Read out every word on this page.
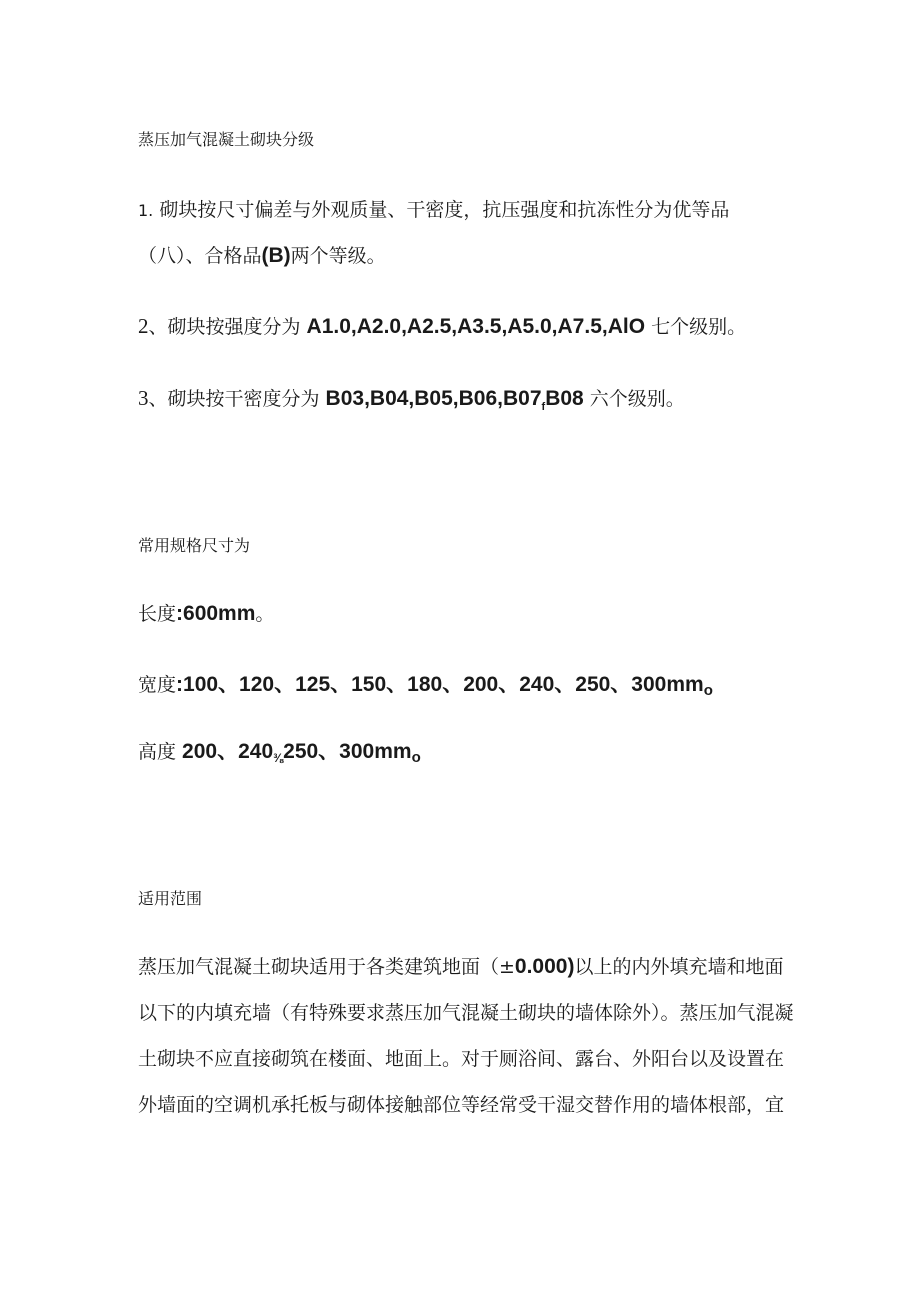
蒸压加气混凝土砌块分级
1. 砌块按尺寸偏差与外观质量、干密度，抗压强度和抗冻性分为优等品
（八）、合格品(B)两个等级。
2、砌块按强度分为 A1.0,A2.0,A2.5,A3.5,A5.0,A7.5,AlO 七个级别。
3、砌块按干密度分为 $B03,B04,B05,B06,B07_fB08$ 六个级别。
常用规格尺寸为
长度:600mm。
宽度:100、120、125、150、180、200、240、250、$300mm_o$
高度 200、$240_{\frac{3}{8}}250$、$300mm_o$
适用范围
蒸压加气混凝土砌块适用于各类建筑地面（±0.000)以上的内外填充墙和地面
以下的内填充墙（有特殊要求蒸压加气混凝土砌块的墙体除外）。蒸压加气混凝
土砌块不应直接砌筑在楼面、地面上。对于厕浴间、露台、外阳台以及设置在
外墙面的空调机承托板与砌体接触部位等经常受干湿交替作用的墙体根部，宜
